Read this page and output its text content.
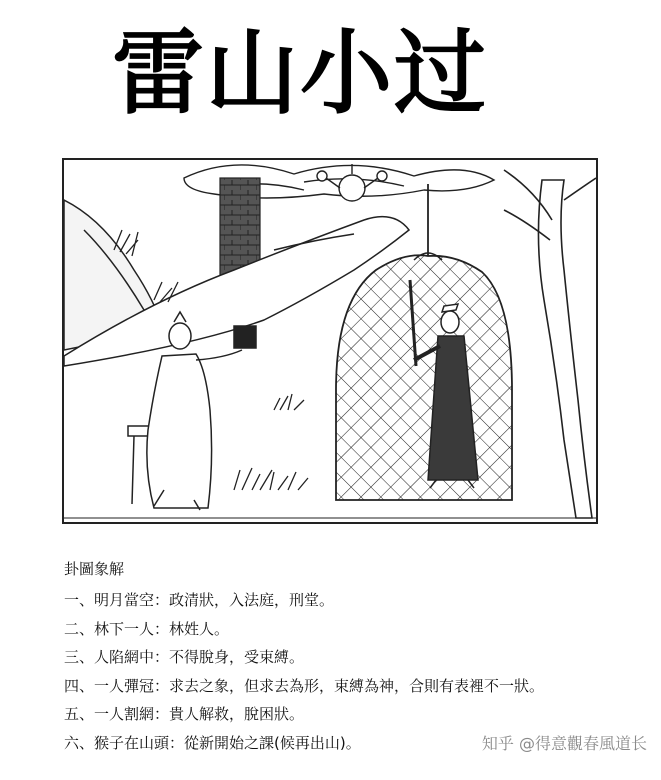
雷山小过
卦圖象解
一、明月當空：政清狀，入法庭，刑堂。
二、林下一人：林姓人。
三、人陷網中：不得脫身，受束縛。
四、一人彈冠：求去之象，但求去為形，束縛為神，合則有表裡不一狀。
五、一人割網：貴人解救，脫困狀。
六、猴子在山頭：從新開始之課(候再出山)。	知乎 @得意觀春風道长
